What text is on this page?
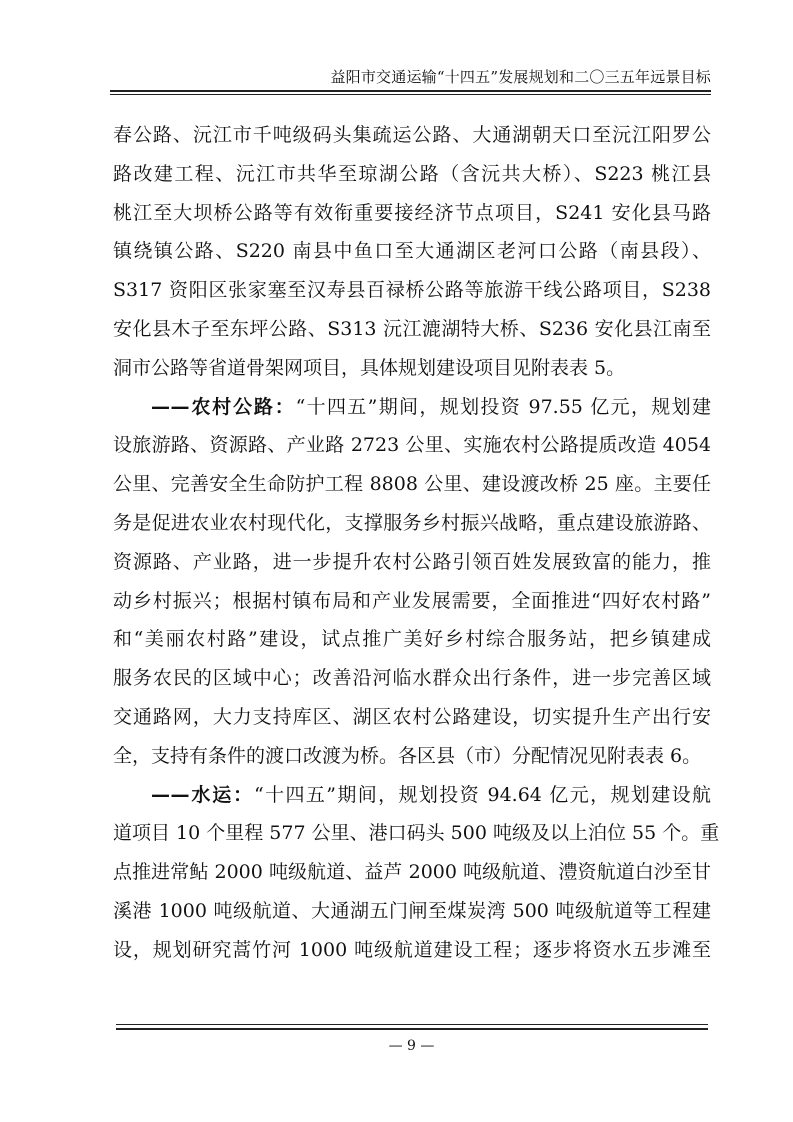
益阳市交通运输“十四五”发展规划和二〇三五年远景目标

春公路、沅江市千吨级码头集疏运公路、大通湖朝天口至沅江阳罗公

路改建工程、沅江市共华至琼湖公路（含沅共大桥）、S223 桃江县

桃江至大坝桥公路等有效衔重要接经济节点项目，S241 安化县马路

镇绕镇公路、S220 南县中鱼口至大通湖区老河口公路（南县段）、

S317 资阳区张家塞至汉寿县百禄桥公路等旅游干线公路项目，S238

安化县木子至东坪公路、S313 沅江漉湖特大桥、S236 安化县江南至

洞市公路等省道骨架网项目，具体规划建设项目见附表表 5。

——农村公路：“十四五”期间，规划投资 97.55 亿元，规划建

设旅游路、资源路、产业路 2723 公里、实施农村公路提质改造 4054

公里、完善安全生命防护工程 8808 公里、建设渡改桥 25 座。主要任

务是促进农业农村现代化，支撑服务乡村振兴战略，重点建设旅游路、

资源路、产业路，进一步提升农村公路引领百姓发展致富的能力，推

动乡村振兴；根据村镇布局和产业发展需要，全面推进“四好农村路”

和“美丽农村路”建设，试点推广美好乡村综合服务站，把乡镇建成

服务农民的区域中心；改善沿河临水群众出行条件，进一步完善区域

交通路网，大力支持库区、湖区农村公路建设，切实提升生产出行安

全，支持有条件的渡口改渡为桥。各区县（市）分配情况见附表表 6。

——水运：“十四五”期间，规划投资 94.64 亿元，规划建设航

道项目 10 个里程 577 公里、港口码头 500 吨级及以上泊位 55 个。重

点推进常鲇 2000 吨级航道、益芦 2000 吨级航道、澧资航道白沙至甘

溪港 1000 吨级航道、大通湖五门闸至煤炭湾 500 吨级航道等工程建

设，规划研究蒿竹河 1000 吨级航道建设工程；逐步将资水五步滩至

— 9 —
